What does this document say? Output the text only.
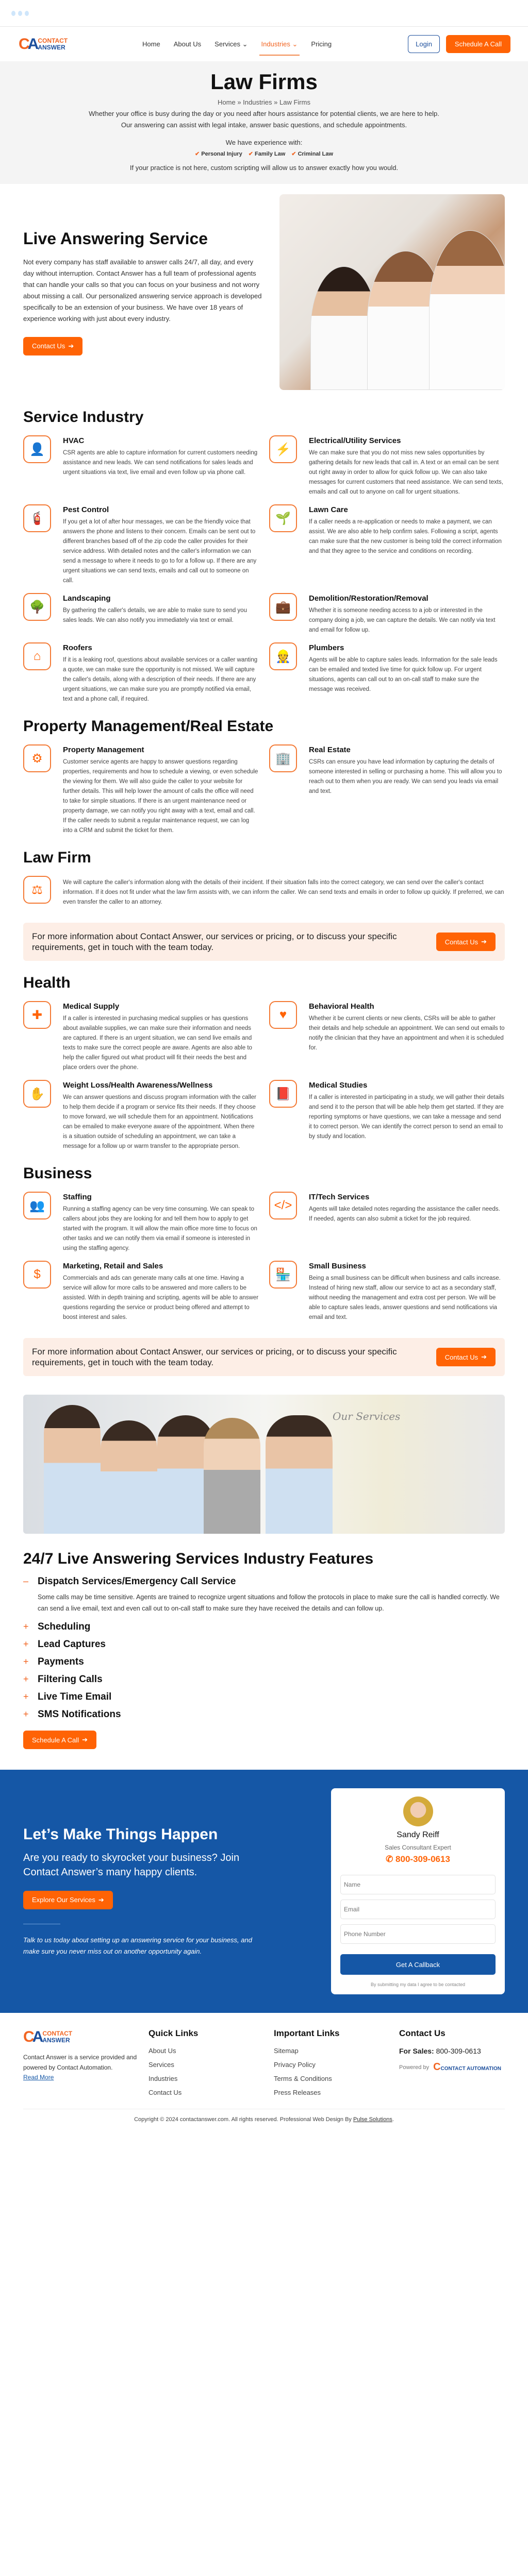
CA CONTACT
ANSWER	Home About Us Services ⌄ Industries ⌄ Pricing	Login	Schedule A Call
Law Firms
Home » Industries » Law Firms

Whether your office is busy during the day or you need after hours assistance for potential clients, we are here to help. Our answering can assist with legal intake, answer basic questions, and schedule appointments.

We have experience with:

✔ Personal Injury	✔ Family Law	✔ Criminal Law

If your practice is not here, custom scripting will allow us to answer exactly how you would.

Live Answering Service

Not every company has staff available to answer calls 24/7, all day, and every day without interruption. Contact Answer has a full team of professional agents that can handle your calls so that you can focus on your business and not worry about missing a call. Our personalized answering service approach is developed specifically to be an extension of your business. We have over 18 years of experience working with just about every industry.

Contact Us ➔
Service Industry
👤
HVAC

CSR agents are able to capture information for current customers needing assistance and new leads. We can send notifications for sales leads and urgent situations via text, live email and even follow up via phone call.

⚡
Electrical/Utility Services

We can make sure that you do not miss new sales opportunities by gathering details for new leads that call in. A text or an email can be sent out right away in order to allow for quick follow up. We can also take messages for current customers that need assistance. We can send texts, emails and call out to anyone on call for urgent situations.

🧯
Pest Control

If you get a lot of after hour messages, we can be the friendly voice that answers the phone and listens to their concern. Emails can be sent out to different branches based off of the zip code the caller provides for their service address. With detailed notes and the caller's information we can send a message to where it needs to go to for a follow up. If there are any urgent situations we can send texts, emails and call out to someone on call.

🌱
Lawn Care

If a caller needs a re-application or needs to make a payment, we can assist. We are also able to help confirm sales. Following a script, agents can make sure that the new customer is being told the correct information and that they agree to the service and conditions on recording.

🌳
Landscaping

By gathering the caller's details, we are able to make sure to send you sales leads. We can also notify you immediately via text or email.

💼
Demolition/Restoration/Removal

Whether it is someone needing access to a job or interested in the company doing a job, we can capture the details. We can notify via text and email for follow up.

⌂
Roofers

If it is a leaking roof, questions about available services or a caller wanting a quote, we can make sure the opportunity is not missed. We will capture the caller's details, along with a description of their needs. If there are any urgent situations, we can make sure you are promptly notified via email, text and a phone call, if required.

👷
Plumbers

Agents will be able to capture sales leads. Information for the sale leads can be emailed and texted live time for quick follow up. For urgent situations, agents can call out to an on-call staff to make sure the message was received.

Property Management/Real Estate
⚙
Property Management

Customer service agents are happy to answer questions regarding properties, requirements and how to schedule a viewing, or even schedule the viewing for them. We will also guide the caller to your website for further details. This will help lower the amount of calls the office will need to take for simple situations. If there is an urgent maintenance need or property damage, we can notify you right away with a text, email and call. If the caller needs to submit a regular maintenance request, we can log into a CRM and submit the ticket for them.

🏢
Real Estate

CSRs can ensure you have lead information by capturing the details of someone interested in selling or purchasing a home. This will allow you to reach out to them when you are ready. We can send you leads via email and text.

Law Firm
⚖

We will capture the caller's information along with the details of their incident. If their situation falls into the correct category, we can send over the caller's contact information. If it does not fit under what the law firm assists with, we can inform the caller. We can send texts and emails in order to follow up quickly. If preferred, we can even transfer the caller to an attorney.

For more information about Contact Answer, our services or pricing, or to discuss your specific requirements, get in touch with the team today.

Contact Us ➔
Health
✚
Medical Supply

If a caller is interested in purchasing medical supplies or has questions about available supplies, we can make sure their information and needs are captured. If there is an urgent situation, we can send live emails and texts to make sure the correct people are aware. Agents are also able to help the caller figured out what product will fit their needs the best and place orders over the phone.

♥
Behavioral Health

Whether it be current clients or new clients, CSRs will be able to gather their details and help schedule an appointment. We can send out emails to notify the clinician that they have an appointment and when it is scheduled for.

✋
Weight Loss/Health Awareness/Wellness

We can answer questions and discuss program information with the caller to help them decide if a program or service fits their needs. If they choose to move forward, we will schedule them for an appointment. Notifications can be emailed to make everyone aware of the appointment. When there is a situation outside of scheduling an appointment, we can take a message for a follow up or warm transfer to the appropriate person.

📕
Medical Studies

If a caller is interested in participating in a study, we will gather their details and send it to the person that will be able help them get started. If they are reporting symptoms or have questions, we can take a message and send it to correct person. We can identify the correct person to send an email to by study and location.

Business
👥
Staffing

Running a staffing agency can be very time consuming. We can speak to callers about jobs they are looking for and tell them how to apply to get started with the program. It will allow the main office more time to focus on other tasks and we can notify them via email if someone is interested in using the staffing agency.

</>
IT/Tech Services

Agents will take detailed notes regarding the assistance the caller needs. If needed, agents can also submit a ticket for the job required.

$
Marketing, Retail and Sales

Commercials and ads can generate many calls at one time. Having a service will allow for more calls to be answered and more callers to be assisted. With in depth training and scripting, agents will be able to answer questions regarding the service or product being offered and attempt to boost interest and sales.

🏪
Small Business

Being a small business can be difficult when business and calls increase. Instead of hiring new staff, allow our service to act as a secondary staff, without needing the management and extra cost per person. We will be able to capture sales leads, answer questions and send notifications via email and text.

For more information about Contact Answer, our services or pricing, or to discuss your specific requirements, get in touch with the team today.

Contact Us ➔
Our Services
24/7 Live Answering Services Industry Features
– Dispatch Services/Emergency Call Service

Some calls may be time sensitive. Agents are trained to recognize urgent situations and follow the protocols in place to make sure the call is handled correctly. We can send a live email, text and even call out to on-call staff to make sure they have received the details and can follow up.

+ Scheduling
+ Lead Captures
+ Payments
+ Filtering Calls
+ Live Time Email
+ SMS Notifications
Schedule A Call ➔
Let’s Make Things Happen

Are you ready to skyrocket your business? Join Contact Answer’s many happy clients.

Explore Our Services ➔

Talk to us today about setting up an answering service for your business, and make sure you never miss out on another opportunity again.

Sandy Reiff
Sales Consultant Expert
✆ 800-309-0613
Name
Email
Phone Number
Get A Callback
By submitting my data I agree to be contacted
CA CONTACT
ANSWER

Contact Answer is a service provided and powered by Contact Automation.

Read More
Quick Links
About Us
Services
Industries
Contact Us
Important Links
Sitemap
Privacy Policy
Terms & Conditions
Press Releases
Contact Us
For Sales: 800-309-0613
Powered by CCONTACT AUTOMATION
Copyright © 2024 contactanswer.com. All rights reserved. Professional Web Design By Pulse Solutions.
